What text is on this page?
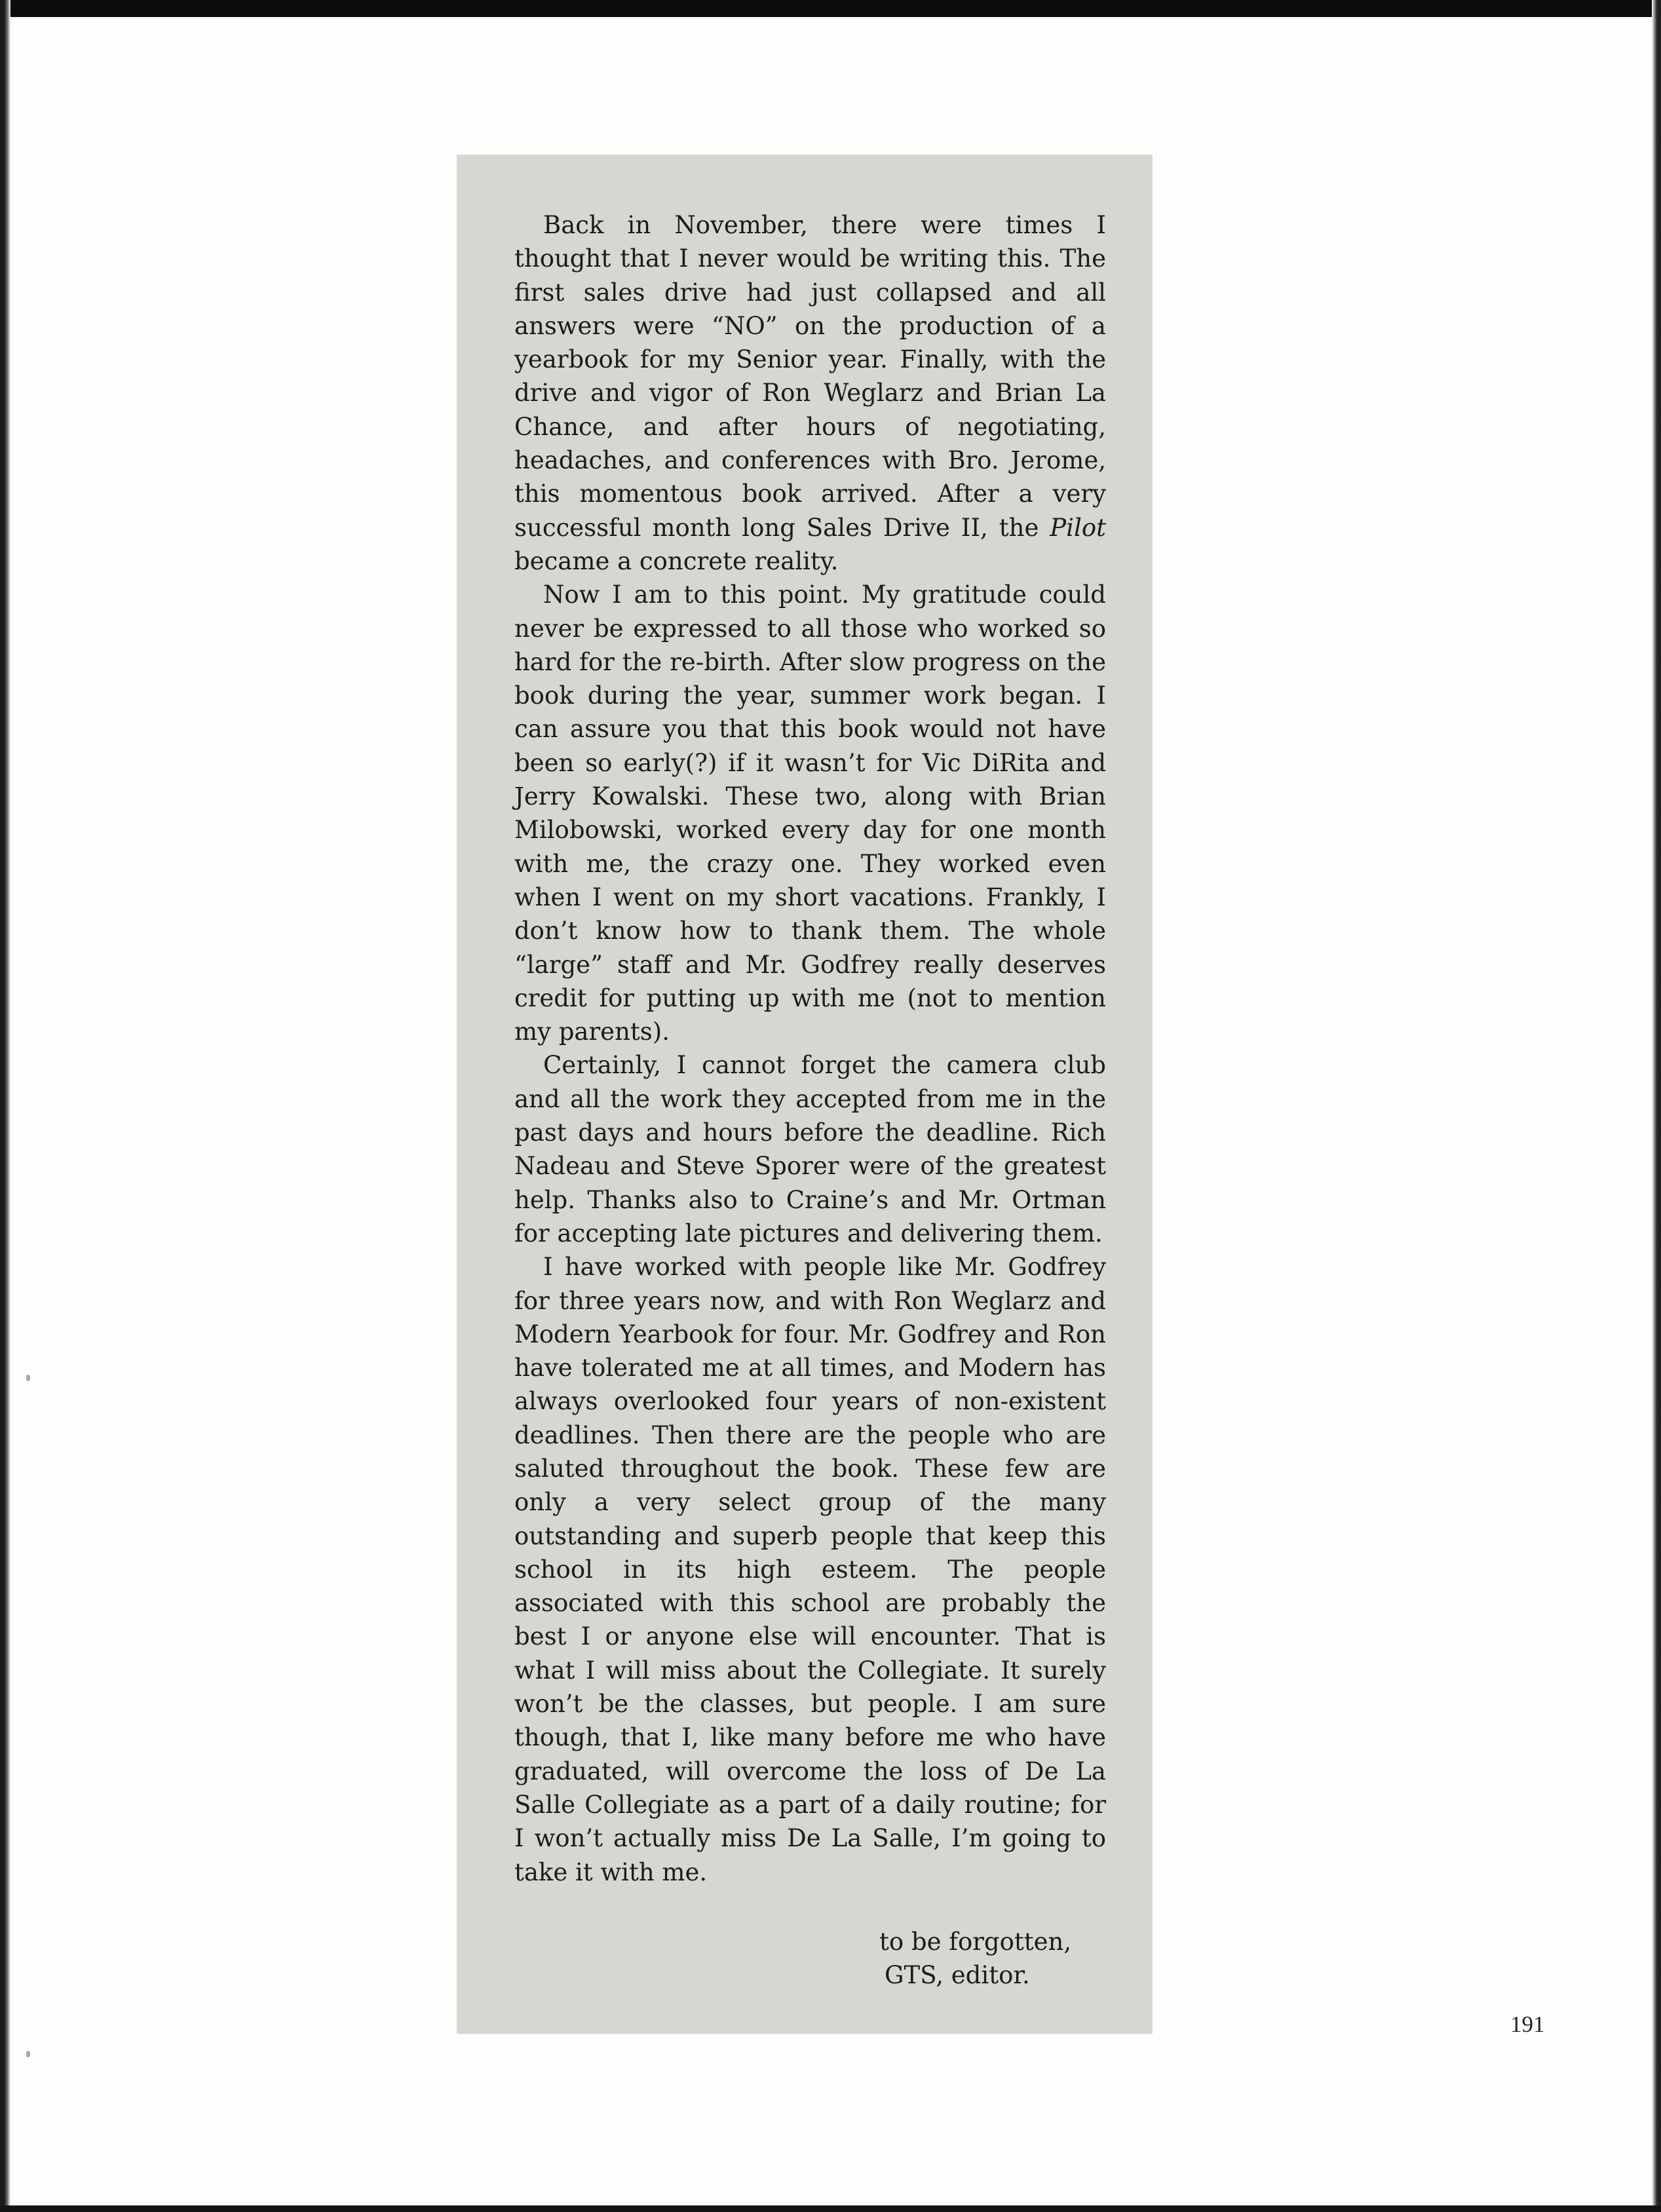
Back in November, there were times I thought that I never would be writing this. The first sales drive had just collapsed and all answers were “NO” on the production of a yearbook for my Senior year. Finally, with the drive and vigor of Ron Weglarz and Brian La Chance, and after hours of negotiating, headaches, and conferences with Bro. Jerome, this momentous book arrived. After a very successful month long Sales Drive II, the Pilot became a concrete reality.

Now I am to this point. My gratitude could never be expressed to all those who worked so hard for the re-birth. After slow progress on the book during the year, summer work began. I can assure you that this book would not have been so early(?) if it wasn’t for Vic DiRita and Jerry Kowalski. These two, along with Brian Milobowski, worked every day for one month with me, the crazy one. They worked even when I went on my short vacations. Frankly, I don’t know how to thank them. The whole “large” staff and Mr. Godfrey really deserves credit for putting up with me (not to mention my parents).

Certainly, I cannot forget the camera club and all the work they accepted from me in the past days and hours before the deadline. Rich Nadeau and Steve Sporer were of the greatest help. Thanks also to Craine’s and Mr. Ortman for accepting late pictures and delivering them.

I have worked with people like Mr. Godfrey for three years now, and with Ron Weglarz and Modern Yearbook for four. Mr. Godfrey and Ron have tolerated me at all times, and Modern has always overlooked four years of non-existent deadlines. Then there are the people who are saluted throughout the book. These few are only a very select group of the many outstanding and superb people that keep this school in its high esteem. The people associated with this school are probably the best I or anyone else will encounter. That is what I will miss about the Collegiate. It surely won’t be the classes, but people. I am sure though, that I, like many before me who have graduated, will overcome the loss of De La Salle Collegiate as a part of a daily routine; for I won’t actually miss De La Salle, I’m going to take it with me.

to be forgotten,
GTS, editor.
191
